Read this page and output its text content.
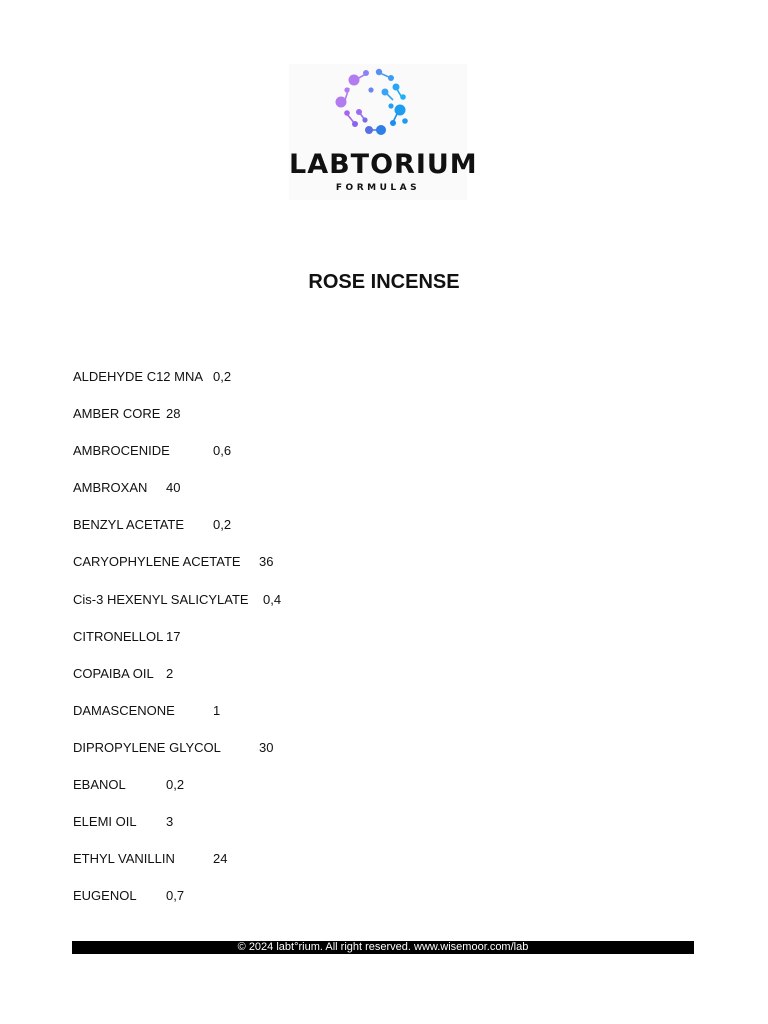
LABTORIUM
FORMULAS
ROSE INCENSE
ALDEHYDE C12 MNA 0,2
AMBER CORE 28
AMBROCENIDE	0,6
AMBROXAN 40
BENZYL ACETATE 0,2
CARYOPHYLENE ACETATE 36
Cis-3 HEXENYL SALICYLATE 0,4
CITRONELLOL 17
COPAIBA OIL 2
DAMASCENONE	1
DIPROPYLENE GLYCOL	30
EBANOL	0,2
ELEMI OIL 3
ETHYL VANILLIN	24
EUGENOL 0,7
© 2024 labt°rium. All right reserved. www.wisemoor.com/lab
